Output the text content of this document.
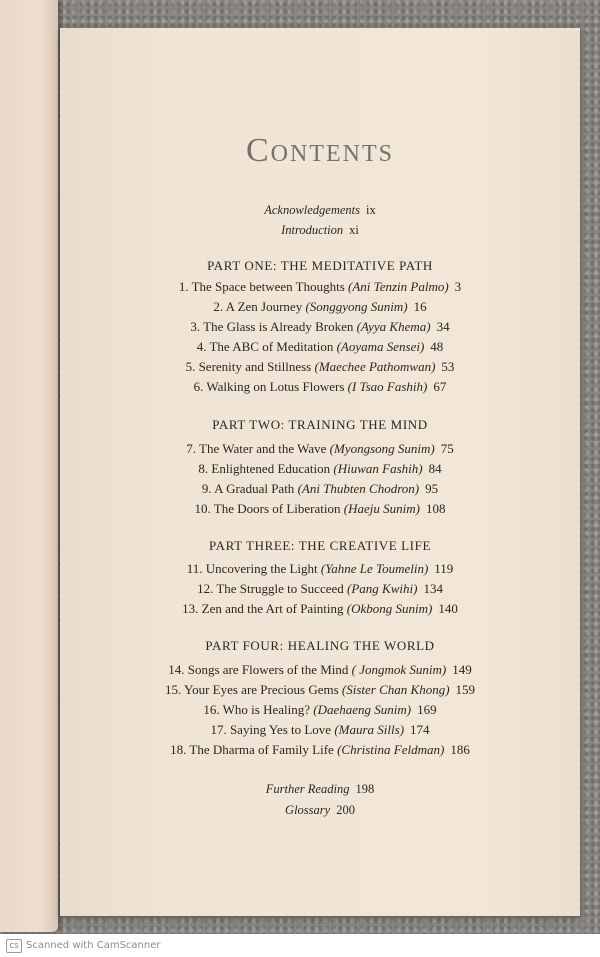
Contents
Acknowledgements ix
Introduction xi
PART ONE: THE MEDITATIVE PATH
1. The Space between Thoughts (Ani Tenzin Palmo) 3
2. A Zen Journey (Songgyong Sunim) 16
3. The Glass is Already Broken (Ayya Khema) 34
4. The ABC of Meditation (Aoyama Sensei) 48
5. Serenity and Stillness (Maechee Pathomwan) 53
6. Walking on Lotus Flowers (I Tsao Fashih) 67
PART TWO: TRAINING THE MIND
7. The Water and the Wave (Myongsong Sunim) 75
8. Enlightened Education (Hiuwan Fashih) 84
9. A Gradual Path (Ani Thubten Chodron) 95
10. The Doors of Liberation (Haeju Sunim) 108
PART THREE: THE CREATIVE LIFE
11. Uncovering the Light (Yahne Le Toumelin) 119
12. The Struggle to Succeed (Pang Kwihi) 134
13. Zen and the Art of Painting (Okbong Sunim) 140
PART FOUR: HEALING THE WORLD
14. Songs are Flowers of the Mind ( Jongmok Sunim) 149
15. Your Eyes are Precious Gems (Sister Chan Khong) 159
16. Who is Healing? (Daehaeng Sunim) 169
17. Saying Yes to Love (Maura Sills) 174
18. The Dharma of Family Life (Christina Feldman) 186
Further Reading 198
Glossary 200
CS Scanned with CamScanner
